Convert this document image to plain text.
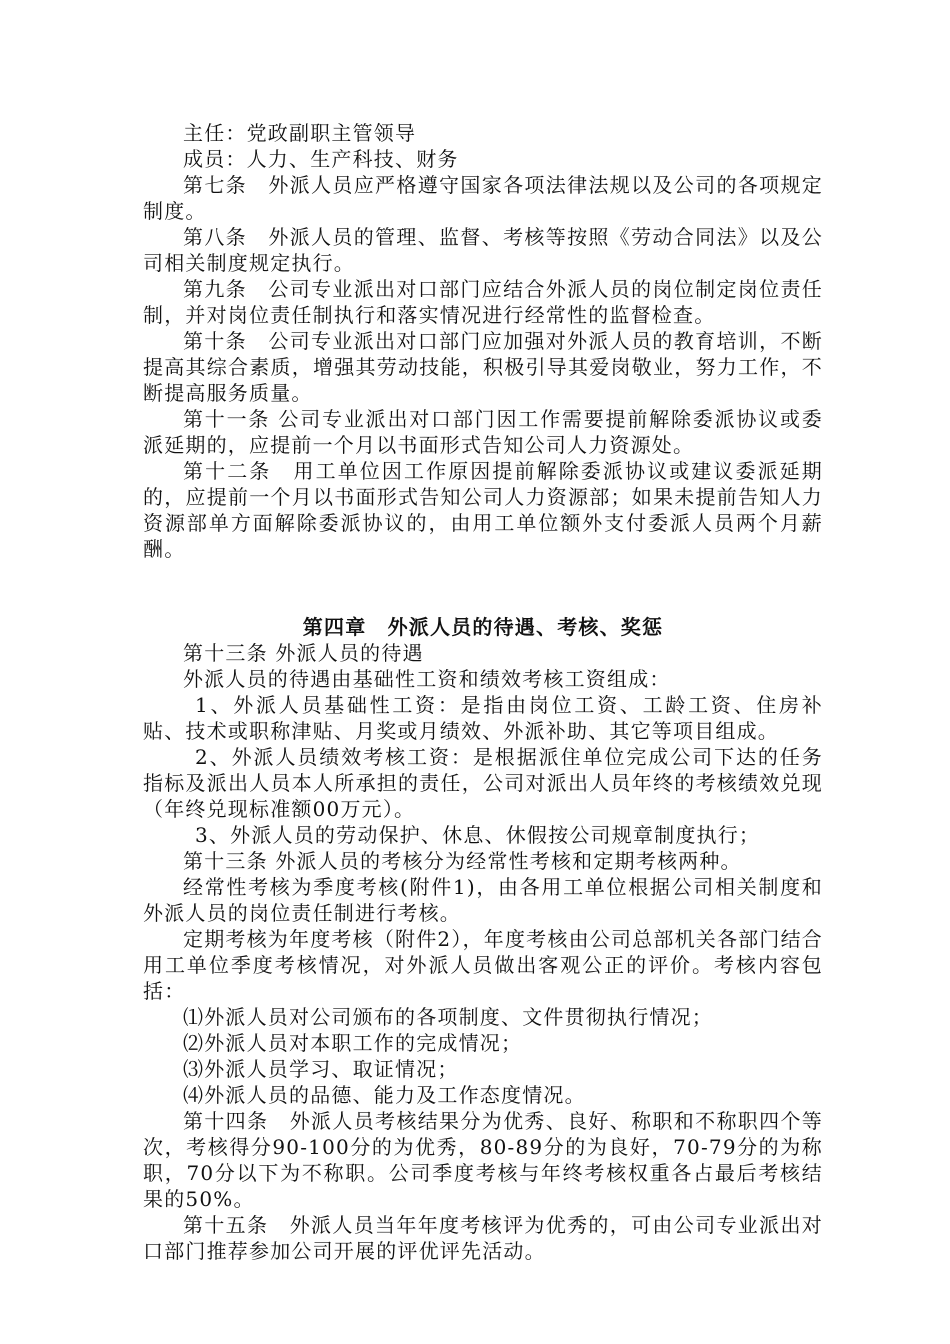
主任：党政副职主管领导

成员：人力、生产科技、财务

第七条　外派人员应严格遵守国家各项法律法规以及公司的各项规定制度。

第八条　外派人员的管理、监督、考核等按照《劳动合同法》以及公司相关制度规定执行。

第九条　公司专业派出对口部门应结合外派人员的岗位制定岗位责任制，并对岗位责任制执行和落实情况进行经常性的监督检查。

第十条　公司专业派出对口部门应加强对外派人员的教育培训，不断提高其综合素质，增强其劳动技能，积极引导其爱岗敬业，努力工作，不断提高服务质量。

第十一条 公司专业派出对口部门因工作需要提前解除委派协议或委派延期的，应提前一个月以书面形式告知公司人力资源处。

第十二条　用工单位因工作原因提前解除委派协议或建议委派延期的，应提前一个月以书面形式告知公司人力资源部；如果未提前告知人力资源部单方面解除委派协议的，由用工单位额外支付委派人员两个月薪酬。

第四章　外派人员的待遇、考核、奖惩

第十三条 外派人员的待遇

外派人员的待遇由基础性工资和绩效考核工资组成：

1、外派人员基础性工资：是指由岗位工资、工龄工资、住房补贴、技术或职称津贴、月奖或月绩效、外派补助、其它等项目组成。

2、外派人员绩效考核工资：是根据派住单位完成公司下达的任务指标及派出人员本人所承担的责任，公司对派出人员年终的考核绩效兑现（年终兑现标准额00万元）。

3、外派人员的劳动保护、休息、休假按公司规章制度执行；

第十三条 外派人员的考核分为经常性考核和定期考核两种。

经常性考核为季度考核(附件1)，由各用工单位根据公司相关制度和外派人员的岗位责任制进行考核。

定期考核为年度考核（附件2），年度考核由公司总部机关各部门结合用工单位季度考核情况，对外派人员做出客观公正的评价。考核内容包括：

⑴外派人员对公司颁布的各项制度、文件贯彻执行情况；

⑵外派人员对本职工作的完成情况；

⑶外派人员学习、取证情况；

⑷外派人员的品德、能力及工作态度情况。

第十四条　外派人员考核结果分为优秀、良好、称职和不称职四个等次，考核得分90-100分的为优秀，80-89分的为良好，70-79分的为称职，70分以下为不称职。公司季度考核与年终考核权重各占最后考核结果的50%。

第十五条　外派人员当年年度考核评为优秀的，可由公司专业派出对口部门推荐参加公司开展的评优评先活动。
